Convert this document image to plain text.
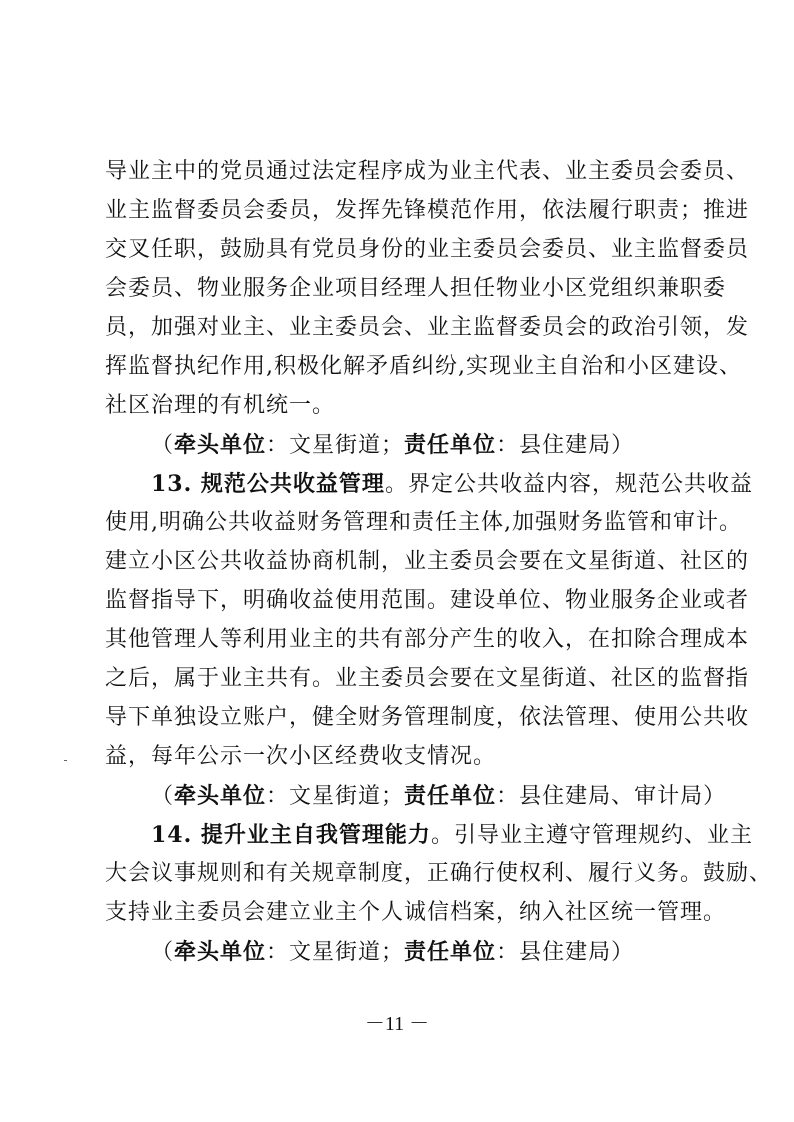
导业主中的党员通过法定程序成为业主代表、业主委员会委员、
业主监督委员会委员，发挥先锋模范作用，依法履行职责；推进
交叉任职，鼓励具有党员身份的业主委员会委员、业主监督委员
会委员、物业服务企业项目经理人担任物业小区党组织兼职委
员，加强对业主、业主委员会、业主监督委员会的政治引领，发
挥监督执纪作用,积极化解矛盾纠纷,实现业主自治和小区建设、
社区治理的有机统一。
（牵头单位：文星街道；责任单位：县住建局）
13. 规范公共收益管理。界定公共收益内容，规范公共收益
使用,明确公共收益财务管理和责任主体,加强财务监管和审计。
建立小区公共收益协商机制，业主委员会要在文星街道、社区的
监督指导下，明确收益使用范围。建设单位、物业服务企业或者
其他管理人等利用业主的共有部分产生的收入，在扣除合理成本
之后，属于业主共有。业主委员会要在文星街道、社区的监督指
导下单独设立账户，健全财务管理制度，依法管理、使用公共收
益，每年公示一次小区经费收支情况。
（牵头单位：文星街道；责任单位：县住建局、审计局）
14. 提升业主自我管理能力。引导业主遵守管理规约、业主
大会议事规则和有关规章制度，正确行使权利、履行义务。鼓励、
支持业主委员会建立业主个人诚信档案，纳入社区统一管理。
（牵头单位：文星街道；责任单位：县住建局）
－11 －
